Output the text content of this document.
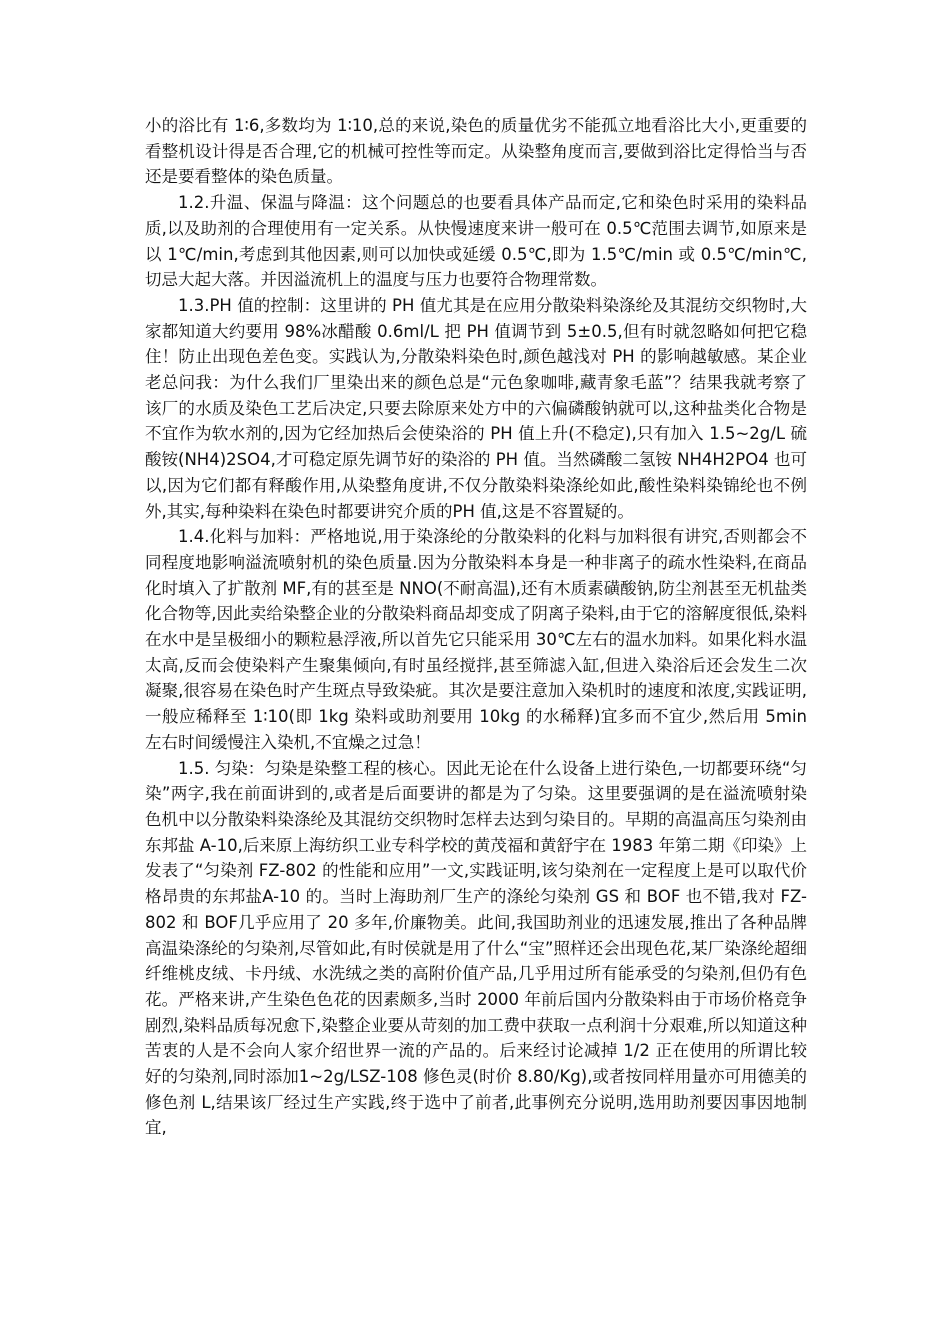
小的浴比有 1∶6,多数均为 1∶10,总的来说,染色的质量优劣不能孤立地看浴比大小,更重要的看整机设计得是否合理,它的机械可控性等而定。从染整角度而言,要做到浴比定得恰当与否还是要看整体的染色质量。

1.2.升温、保温与降温：这个问题总的也要看具体产品而定,它和染色时采用的染料品质,以及助剂的合理使用有一定关系。从快慢速度来讲一般可在 0.5℃范围去调节,如原来是以 1℃/min,考虑到其他因素,则可以加快或延缓 0.5℃,即为 1.5℃/min 或 0.5℃/min℃,切忌大起大落。并因溢流机上的温度与压力也要符合物理常数。

1.3.PH 值的控制：这里讲的 PH 值尤其是在应用分散染料染涤纶及其混纺交织物时,大家都知道大约要用 98%冰醋酸 0.6ml/L 把 PH 值调节到 5±0.5,但有时就忽略如何把它稳住！防止出现色差色变。实践认为,分散染料染色时,颜色越浅对 PH 的影响越敏感。某企业老总问我：为什么我们厂里染出来的颜色总是“元色象咖啡,藏青象毛蓝”？结果我就考察了该厂的水质及染色工艺后决定,只要去除原来处方中的六偏磷酸钠就可以,这种盐类化合物是不宜作为软水剂的,因为它经加热后会使染浴的 PH 值上升(不稳定),只有加入 1.5~2g/L 硫酸铵(NH4)2SO4,才可稳定原先调节好的染浴的 PH 值。当然磷酸二氢铵 NH4H2PO4 也可以,因为它们都有释酸作用,从染整角度讲,不仅分散染料染涤纶如此,酸性染料染锦纶也不例外,其实,每种染料在染色时都要讲究介质的PH 值,这是不容置疑的。

1.4.化料与加料：严格地说,用于染涤纶的分散染料的化料与加料很有讲究,否则都会不同程度地影响溢流喷射机的染色质量.因为分散染料本身是一种非离子的疏水性染料,在商品化时填入了扩散剂 MF,有的甚至是 NNO(不耐高温),还有木质素磺酸钠,防尘剂甚至无机盐类化合物等,因此卖给染整企业的分散染料商品却变成了阴离子染料,由于它的溶解度很低,染料在水中是呈极细小的颗粒悬浮液,所以首先它只能采用 30℃左右的温水加料。如果化料水温太高,反而会使染料产生聚集倾向,有时虽经搅拌,甚至筛滤入缸,但进入染浴后还会发生二次凝聚,很容易在染色时产生斑点导致染疵。其次是要注意加入染机时的速度和浓度,实践证明,一般应稀释至 1∶10(即 1kg 染料或助剂要用 10kg 的水稀释)宜多而不宜少,然后用 5min 左右时间缓慢注入染机,不宜燥之过急！

1.5. 匀染：匀染是染整工程的核心。因此无论在什么设备上进行染色,一切都要环绕“匀染”两字,我在前面讲到的,或者是后面要讲的都是为了匀染。这里要强调的是在溢流喷射染色机中以分散染料染涤纶及其混纺交织物时怎样去达到匀染目的。早期的高温高压匀染剂由东邦盐 A-10,后来原上海纺织工业专科学校的黄茂福和黄舒宇在 1983 年第二期《印染》上发表了“匀染剂 FZ-802 的性能和应用”一文,实践证明,该匀染剂在一定程度上是可以取代价格昂贵的东邦盐A-10 的。当时上海助剂厂生产的涤纶匀染剂 GS 和 BOF 也不错,我对 FZ-802 和 BOF几乎应用了 20 多年,价廉物美。此间,我国助剂业的迅速发展,推出了各种品牌高温染涤纶的匀染剂,尽管如此,有时侯就是用了什么“宝”照样还会出现色花,某厂染涤纶超细纤维桃皮绒、卡丹绒、水洗绒之类的高附价值产品,几乎用过所有能承受的匀染剂,但仍有色花。严格来讲,产生染色色花的因素颇多,当时 2000 年前后国内分散染料由于市场价格竞争剧烈,染料品质每况愈下,染整企业要从苛刻的加工费中获取一点利润十分艰难,所以知道这种苦衷的人是不会向人家介绍世界一流的产品的。后来经讨论减掉 1/2 正在使用的所谓比较好的匀染剂,同时添加1~2g/LSZ-108 修色灵(时价 8.80/Kg),或者按同样用量亦可用德美的修色剂 L,结果该厂经过生产实践,终于选中了前者,此事例充分说明,选用助剂要因事因地制宜,
